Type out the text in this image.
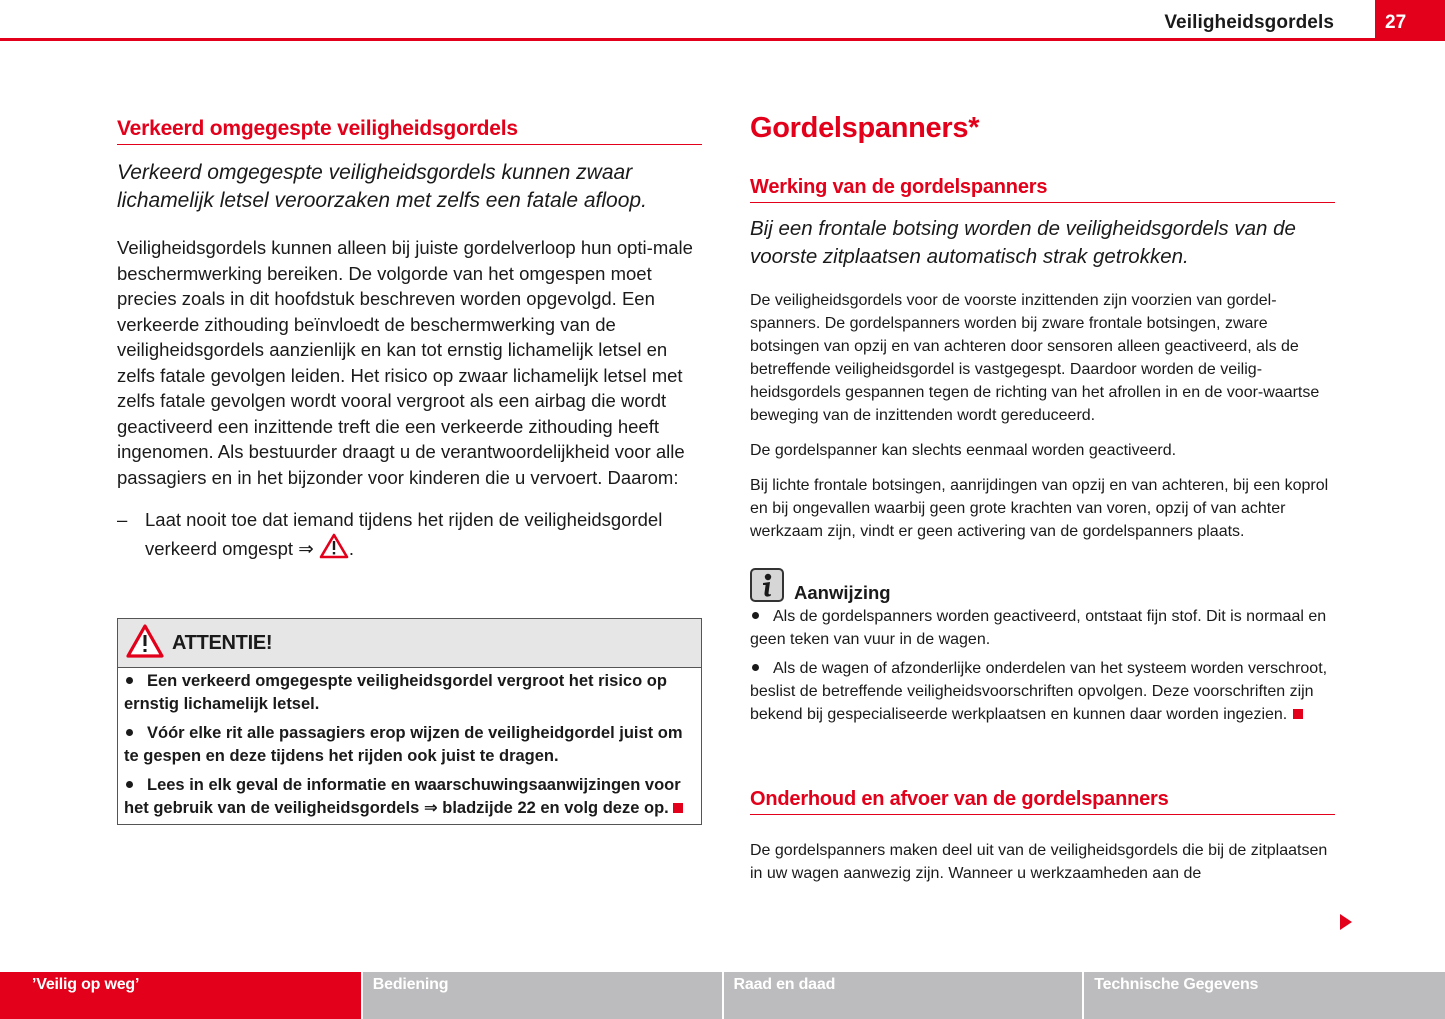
Veiligheidsgordels	27
Verkeerd omgegespte veiligheidsgordels

Verkeerd omgegespte veiligheidsgordels kunnen zwaar lichamelijk letsel veroorzaken met zelfs een fatale afloop.

Veiligheidsgordels kunnen alleen bij juiste gordelverloop hun opti-male beschermwerking bereiken. De volgorde van het omgespen moet precies zoals in dit hoofdstuk beschreven worden opgevolgd. Een verkeerde zithouding beïnvloedt de beschermwerking van de veiligheidsgordels aanzienlijk en kan tot ernstig lichamelijk letsel en zelfs fatale gevolgen leiden. Het risico op zwaar lichamelijk letsel met zelfs fatale gevolgen wordt vooral vergroot als een airbag die wordt geactiveerd een inzittende treft die een verkeerde zithouding heeft ingenomen. Als bestuurder draagt u de verantwoordelijkheid voor alle passagiers en in het bijzonder voor kinderen die u vervoert. Daarom:

– Laat nooit toe dat iemand tijdens het rijden de veiligheidsgordel verkeerd omgespt ⇒ .
ATTENTIE!
Een verkeerd omgegespte veiligheidsgordel vergroot het risico op ernstig lichamelijk letsel.
Vóór elke rit alle passagiers erop wijzen de veiligheidgordel juist om te gespen en deze tijdens het rijden ook juist te dragen.
Lees in elk geval de informatie en waarschuwingsaanwijzingen voor het gebruik van de veiligheidsgordels ⇒ bladzijde 22 en volg deze op.
Gordelspanners*
Werking van de gordelspanners

Bij een frontale botsing worden de veiligheidsgordels van de voorste zitplaatsen automatisch strak getrokken.

De veiligheidsgordels voor de voorste inzittenden zijn voorzien van gordel-spanners. De gordelspanners worden bij zware frontale botsingen, zware botsingen van opzij en van achteren door sensoren alleen geactiveerd, als de betreffende veiligheidsgordel is vastgegespt. Daardoor worden de veilig-heidsgordels gespannen tegen de richting van het afrollen in en de voor-waartse beweging van de inzittenden wordt gereduceerd.

De gordelspanner kan slechts eenmaal worden geactiveerd.

Bij lichte frontale botsingen, aanrijdingen van opzij en van achteren, bij een koprol en bij ongevallen waarbij geen grote krachten van voren, opzij of van achter werkzaam zijn, vindt er geen activering van de gordelspanners plaats.

Aanwijzing
Als de gordelspanners worden geactiveerd, ontstaat fijn stof. Dit is normaal en geen teken van vuur in de wagen.
Als de wagen of afzonderlijke onderdelen van het systeem worden verschroot, beslist de betreffende veiligheidsvoorschriften opvolgen. Deze voorschriften zijn bekend bij gespecialiseerde werkplaatsen en kunnen daar worden ingezien.
Onderhoud en afvoer van de gordelspanners

De gordelspanners maken deel uit van de veiligheidsgordels die bij de zitplaatsen in uw wagen aanwezig zijn. Wanneer u werkzaamheden aan de

’Veilig op weg’	Bediening	Raad en daad	Technische Gegevens
